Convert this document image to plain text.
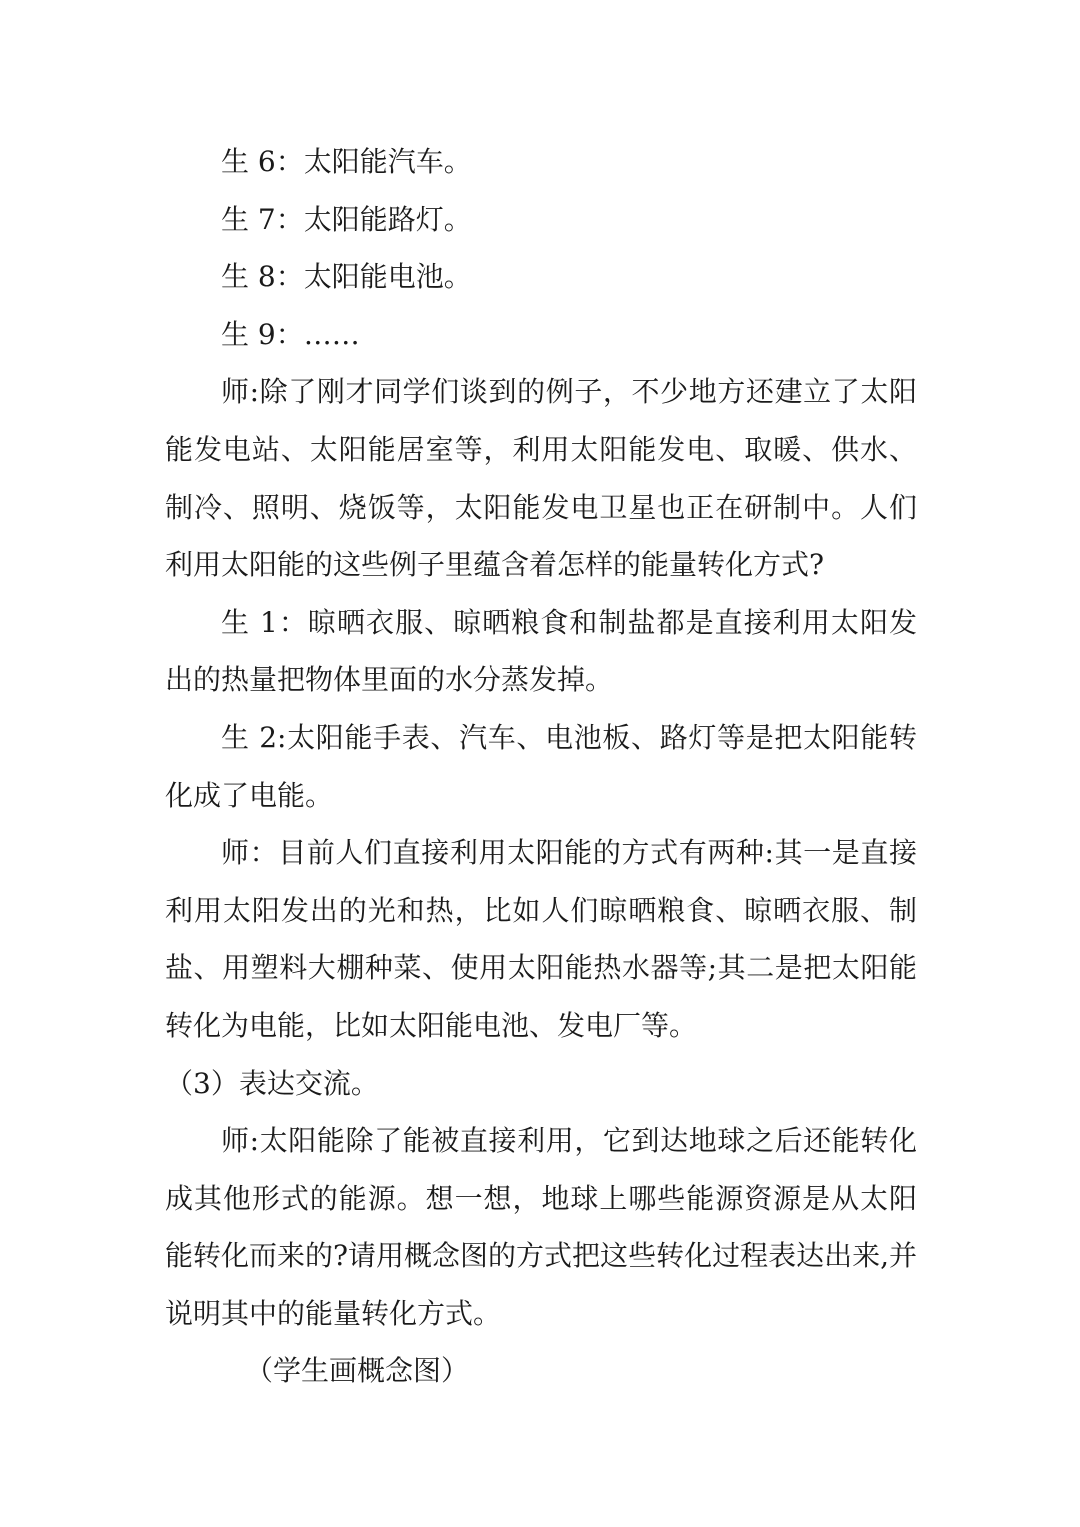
生 6：太阳能汽车。
生 7：太阳能路灯。
生 8：太阳能电池。
生 9：……
师:除了刚才同学们谈到的例子，不少地方还建立了太阳能发电站、太阳能居室等，利用太阳能发电、取暖、供水、制冷、照明、烧饭等，太阳能发电卫星也正在研制中。人们利用太阳能的这些例子里蕴含着怎样的能量转化方式?
生 1：晾晒衣服、晾晒粮食和制盐都是直接利用太阳发出的热量把物体里面的水分蒸发掉。
生 2:太阳能手表、汽车、电池板、路灯等是把太阳能转化成了电能。
师：目前人们直接利用太阳能的方式有两种:其一是直接利用太阳发出的光和热，比如人们晾晒粮食、晾晒衣服、制盐、用塑料大棚种菜、使用太阳能热水器等;其二是把太阳能转化为电能，比如太阳能电池、发电厂等。
（3）表达交流。
师:太阳能除了能被直接利用，它到达地球之后还能转化成其他形式的能源。想一想，地球上哪些能源资源是从太阳能转化而来的?请用概念图的方式把这些转化过程表达出来,并说明其中的能量转化方式。
（学生画概念图）
